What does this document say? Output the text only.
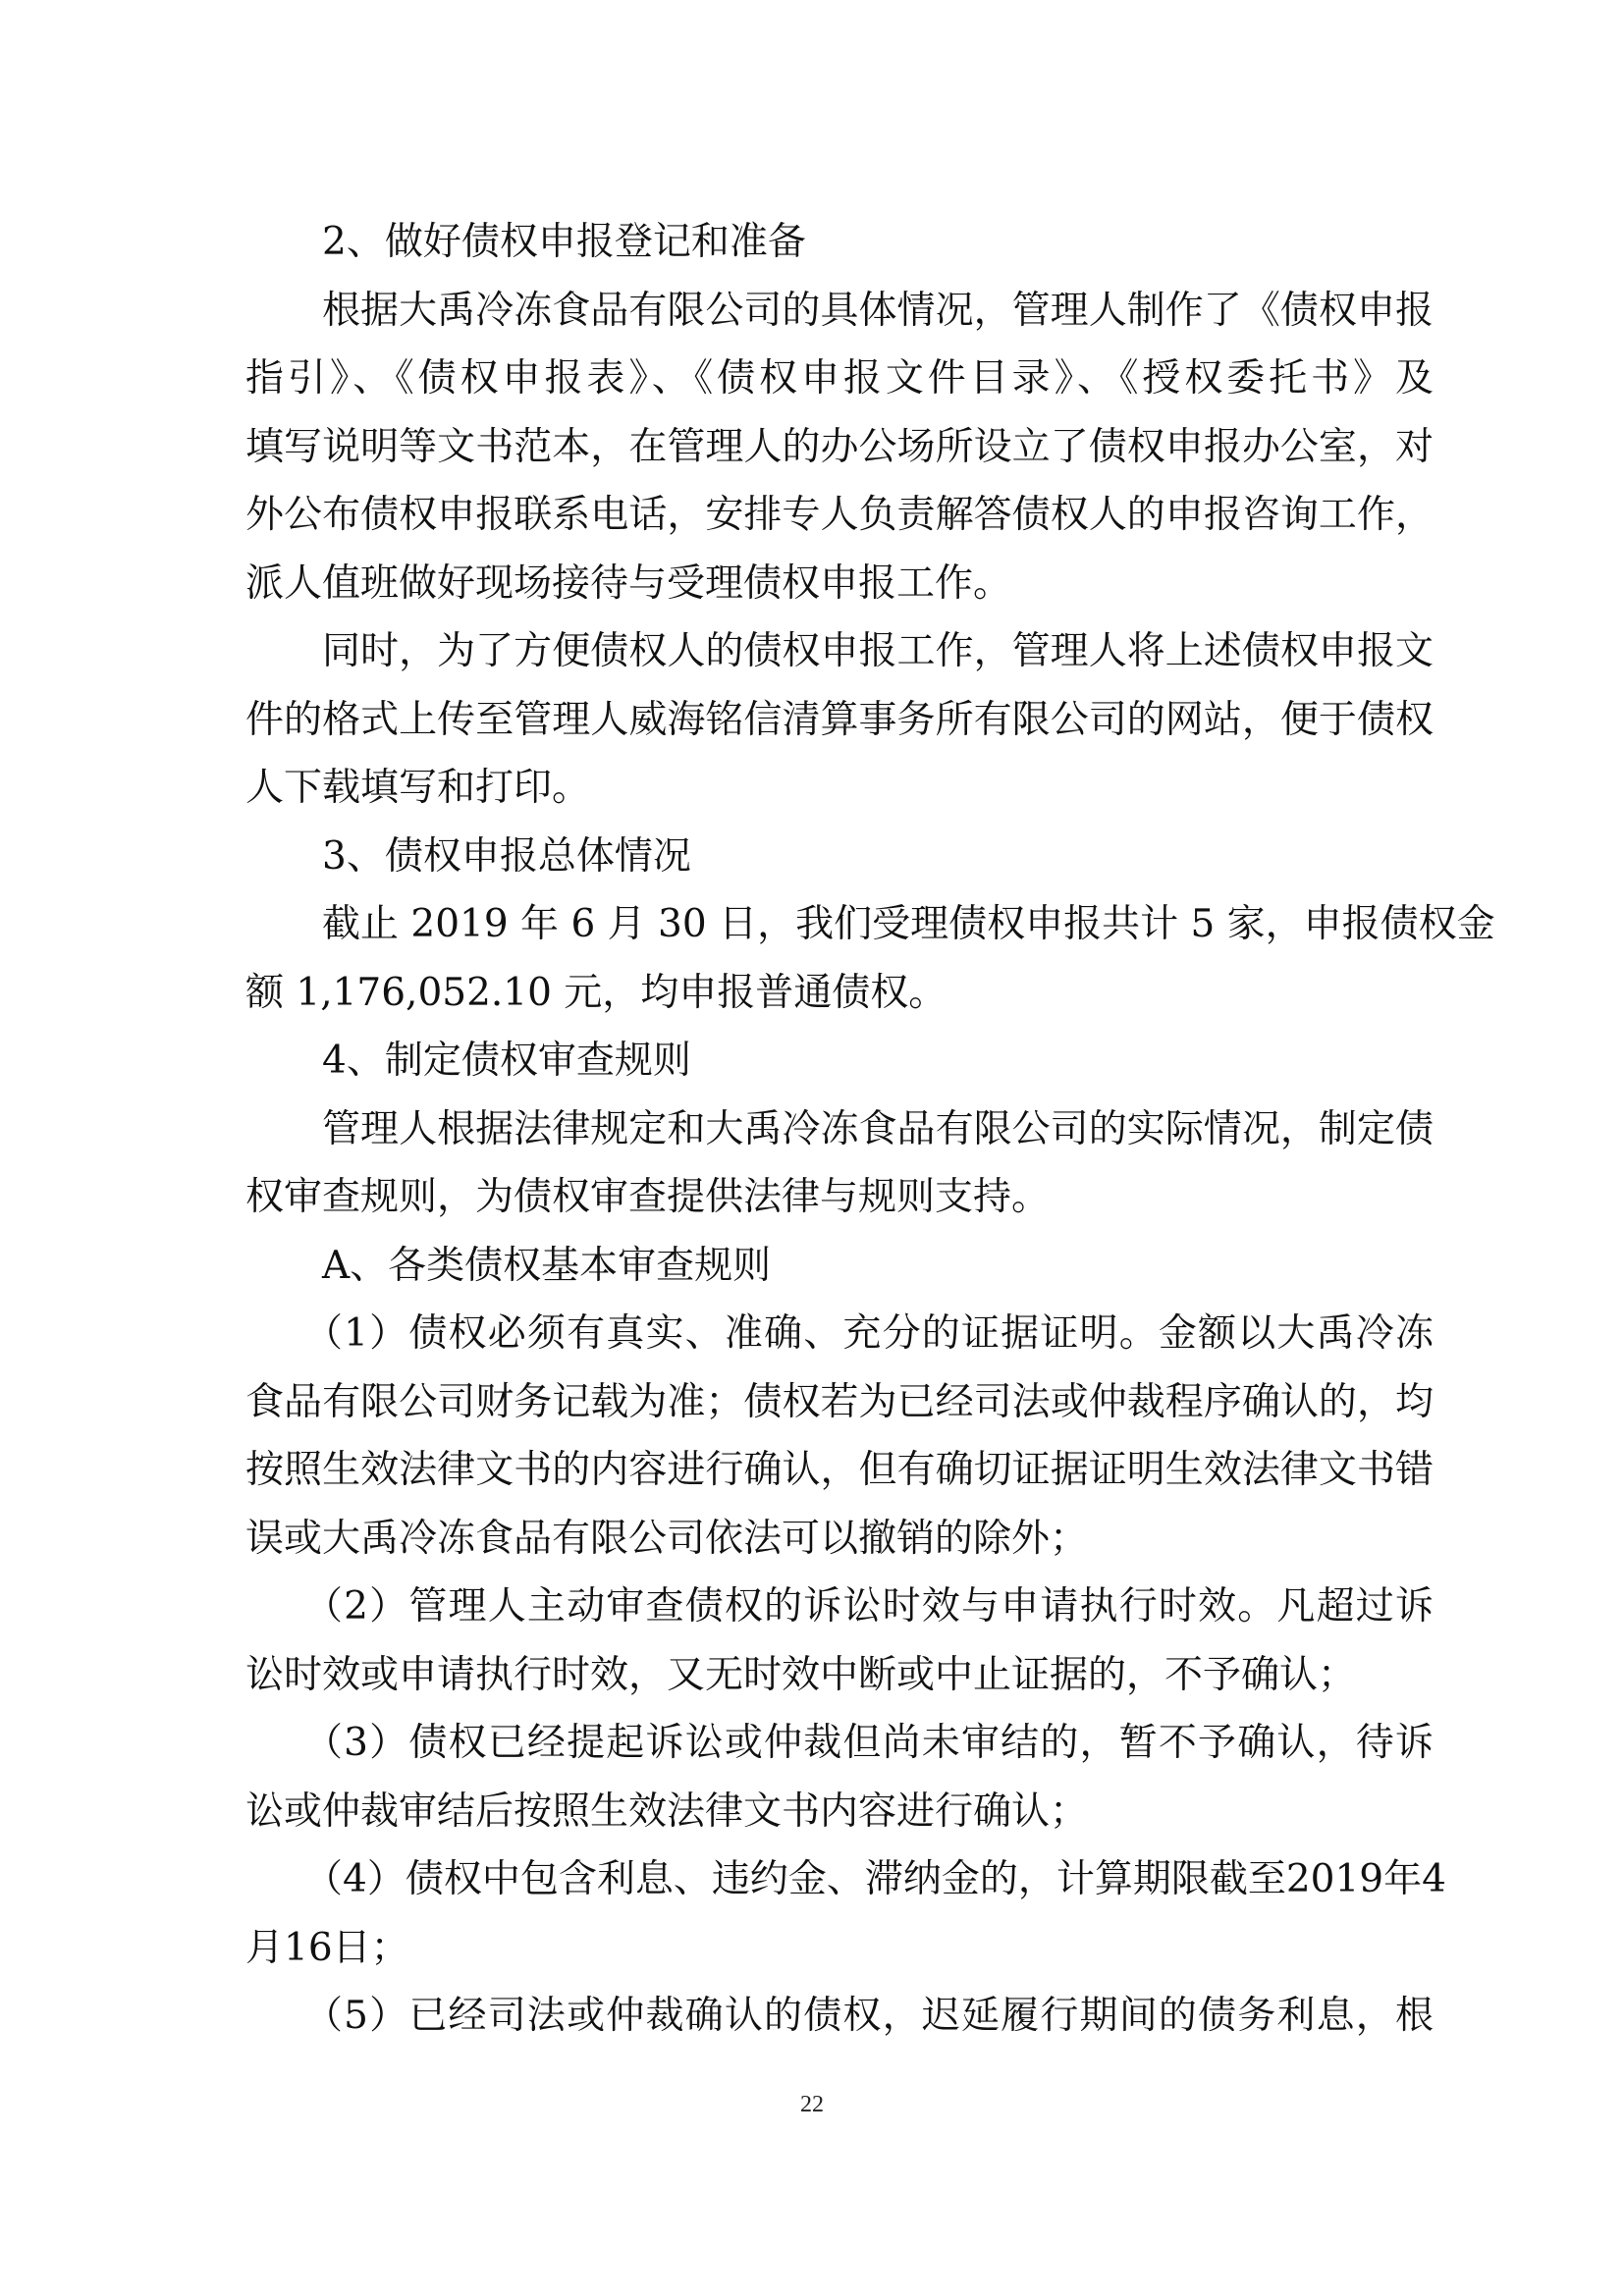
2、做好债权申报登记和准备
根据大禹冷冻食品有限公司的具体情况，管理人制作了《债权申报
指引》、《债权申报表》、《债权申报文件目录》、《授权委托书》及
填写说明等文书范本，在管理人的办公场所设立了债权申报办公室，对
外公布债权申报联系电话，安排专人负责解答债权人的申报咨询工作，
派人值班做好现场接待与受理债权申报工作。
同时，为了方便债权人的债权申报工作，管理人将上述债权申报文
件的格式上传至管理人威海铭信清算事务所有限公司的网站，便于债权
人下载填写和打印。
3、债权申报总体情况
截止 2019 年 6 月 30 日，我们受理债权申报共计 5 家，申报债权金
额 1,176,052.10 元，均申报普通债权。
4、制定债权审查规则
管理人根据法律规定和大禹冷冻食品有限公司的实际情况，制定债
权审查规则，为债权审查提供法律与规则支持。
A、各类债权基本审查规则
（1）债权必须有真实、准确、充分的证据证明。金额以大禹冷冻
食品有限公司财务记载为准；债权若为已经司法或仲裁程序确认的，均
按照生效法律文书的内容进行确认，但有确切证据证明生效法律文书错
误或大禹冷冻食品有限公司依法可以撤销的除外；
（2）管理人主动审查债权的诉讼时效与申请执行时效。凡超过诉
讼时效或申请执行时效，又无时效中断或中止证据的，不予确认；
（3）债权已经提起诉讼或仲裁但尚未审结的，暂不予确认，待诉
讼或仲裁审结后按照生效法律文书内容进行确认；
（4）债权中包含利息、违约金、滞纳金的，计算期限截至2019年4
月16日；
（5）已经司法或仲裁确认的债权，迟延履行期间的债务利息，根
22
